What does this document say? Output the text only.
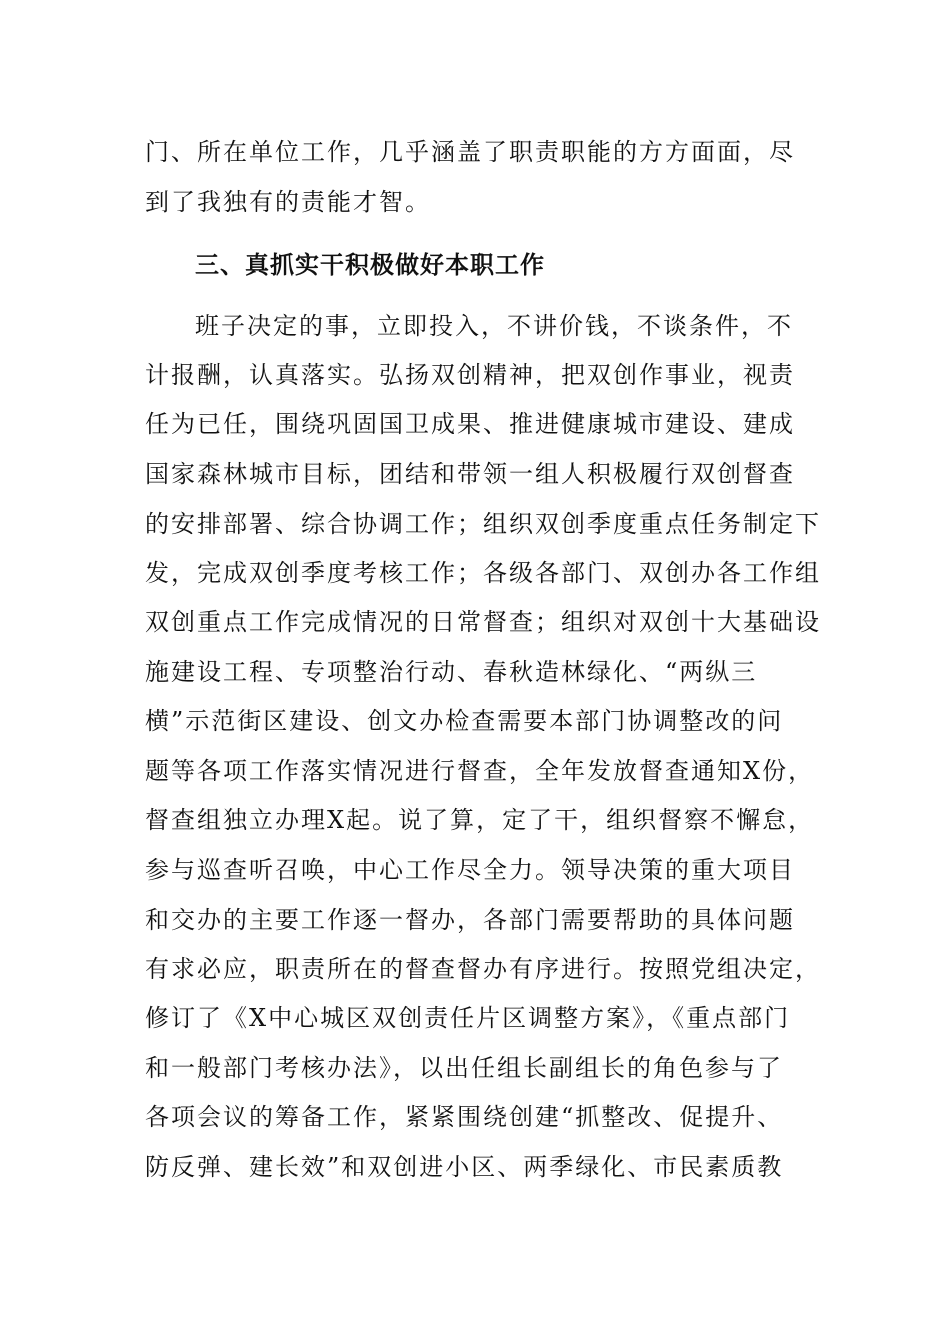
门、所在单位工作，几乎涵盖了职责职能的方方面面，尽
到了我独有的责能才智。
三、真抓实干积极做好本职工作
班子决定的事，立即投入，不讲价钱，不谈条件，不
计报酬，认真落实。弘扬双创精神，把双创作事业，视责
任为已任，围绕巩固国卫成果、推进健康城市建设、建成
国家森林城市目标，团结和带领一组人积极履行双创督查
的安排部署、综合协调工作；组织双创季度重点任务制定下
发，完成双创季度考核工作；各级各部门、双创办各工作组
双创重点工作完成情况的日常督查；组织对双创十大基础设
施建设工程、专项整治行动、春秋造林绿化、“两纵三
横”示范街区建设、创文办检查需要本部门协调整改的问
题等各项工作落实情况进行督查，全年发放督查通知X份，
督查组独立办理X起。说了算，定了干，组织督察不懈怠，
参与巡查听召唤，中心工作尽全力。领导决策的重大项目
和交办的主要工作逐一督办，各部门需要帮助的具体问题
有求必应，职责所在的督查督办有序进行。按照党组决定，
修订了《X中心城区双创责任片区调整方案》，《重点部门
和一般部门考核办法》，以出任组长副组长的角色参与了
各项会议的筹备工作，紧紧围绕创建“抓整改、促提升、
防反弹、建长效”和双创进小区、两季绿化、市民素质教
